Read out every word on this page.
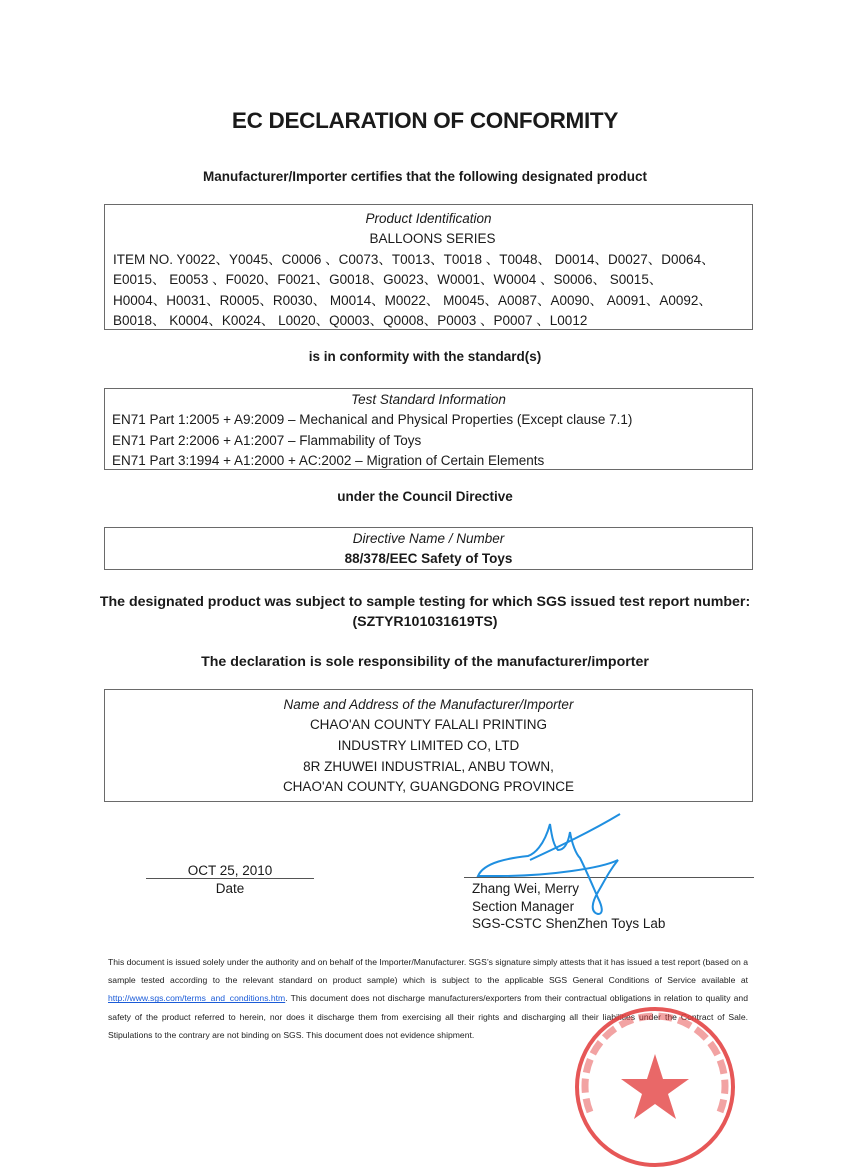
EC DECLARATION OF CONFORMITY
Manufacturer/Importer certifies that the following designated product
Product Identification
BALLOONS SERIES
ITEM NO. Y0022、Y0045、C0006 、C0073、T0013、T0018 、T0048、 D0014、D0027、D0064、
E0015、 E0053 、F0020、F0021、G0018、G0023、W0001、W0004 、S0006、 S0015、
H0004、H0031、R0005、R0030、 M0014、M0022、 M0045、A0087、A0090、 A0091、A0092、
B0018、 K0004、K0024、 L0020、Q0003、Q0008、P0003 、P0007 、L0012
is in conformity with the standard(s)
Test Standard Information
EN71 Part 1:2005 + A9:2009 – Mechanical and Physical Properties (Except clause 7.1)
EN71 Part 2:2006 + A1:2007 – Flammability of Toys
EN71 Part 3:1994 + A1:2000 + AC:2002 – Migration of Certain Elements
under the Council Directive
Directive Name / Number
88/378/EEC Safety of Toys
The designated product was subject to sample testing for which SGS issued test report number:
(SZTYR101031619TS)
The declaration is sole responsibility of the manufacturer/importer
Name and Address of the Manufacturer/Importer
CHAO'AN COUNTY FALALI PRINTING
INDUSTRY LIMITED CO, LTD
8R ZHUWEI INDUSTRIAL, ANBU TOWN,
CHAO'AN COUNTY, GUANGDONG PROVINCE
OCT 25, 2010
Date	Zhang Wei, Merry
Section Manager
SGS-CSTC ShenZhen Toys Lab
This document is issued solely under the authority and on behalf of the Importer/Manufacturer. SGS’s signature simply attests that it has issued a test report (based on a sample tested according to the relevant standard on product sample) which is subject to the applicable SGS General Conditions of Service available at http://www.sgs.com/terms_and_conditions.htm. This document does not discharge manufacturers/exporters from their contractual obligations in relation to quality and safety of the product referred to herein, nor does it discharge them from exercising all their rights and discharging all their liabilities under the Contract of Sale. Stipulations to the contrary are not binding on SGS. This document does not evidence shipment.
